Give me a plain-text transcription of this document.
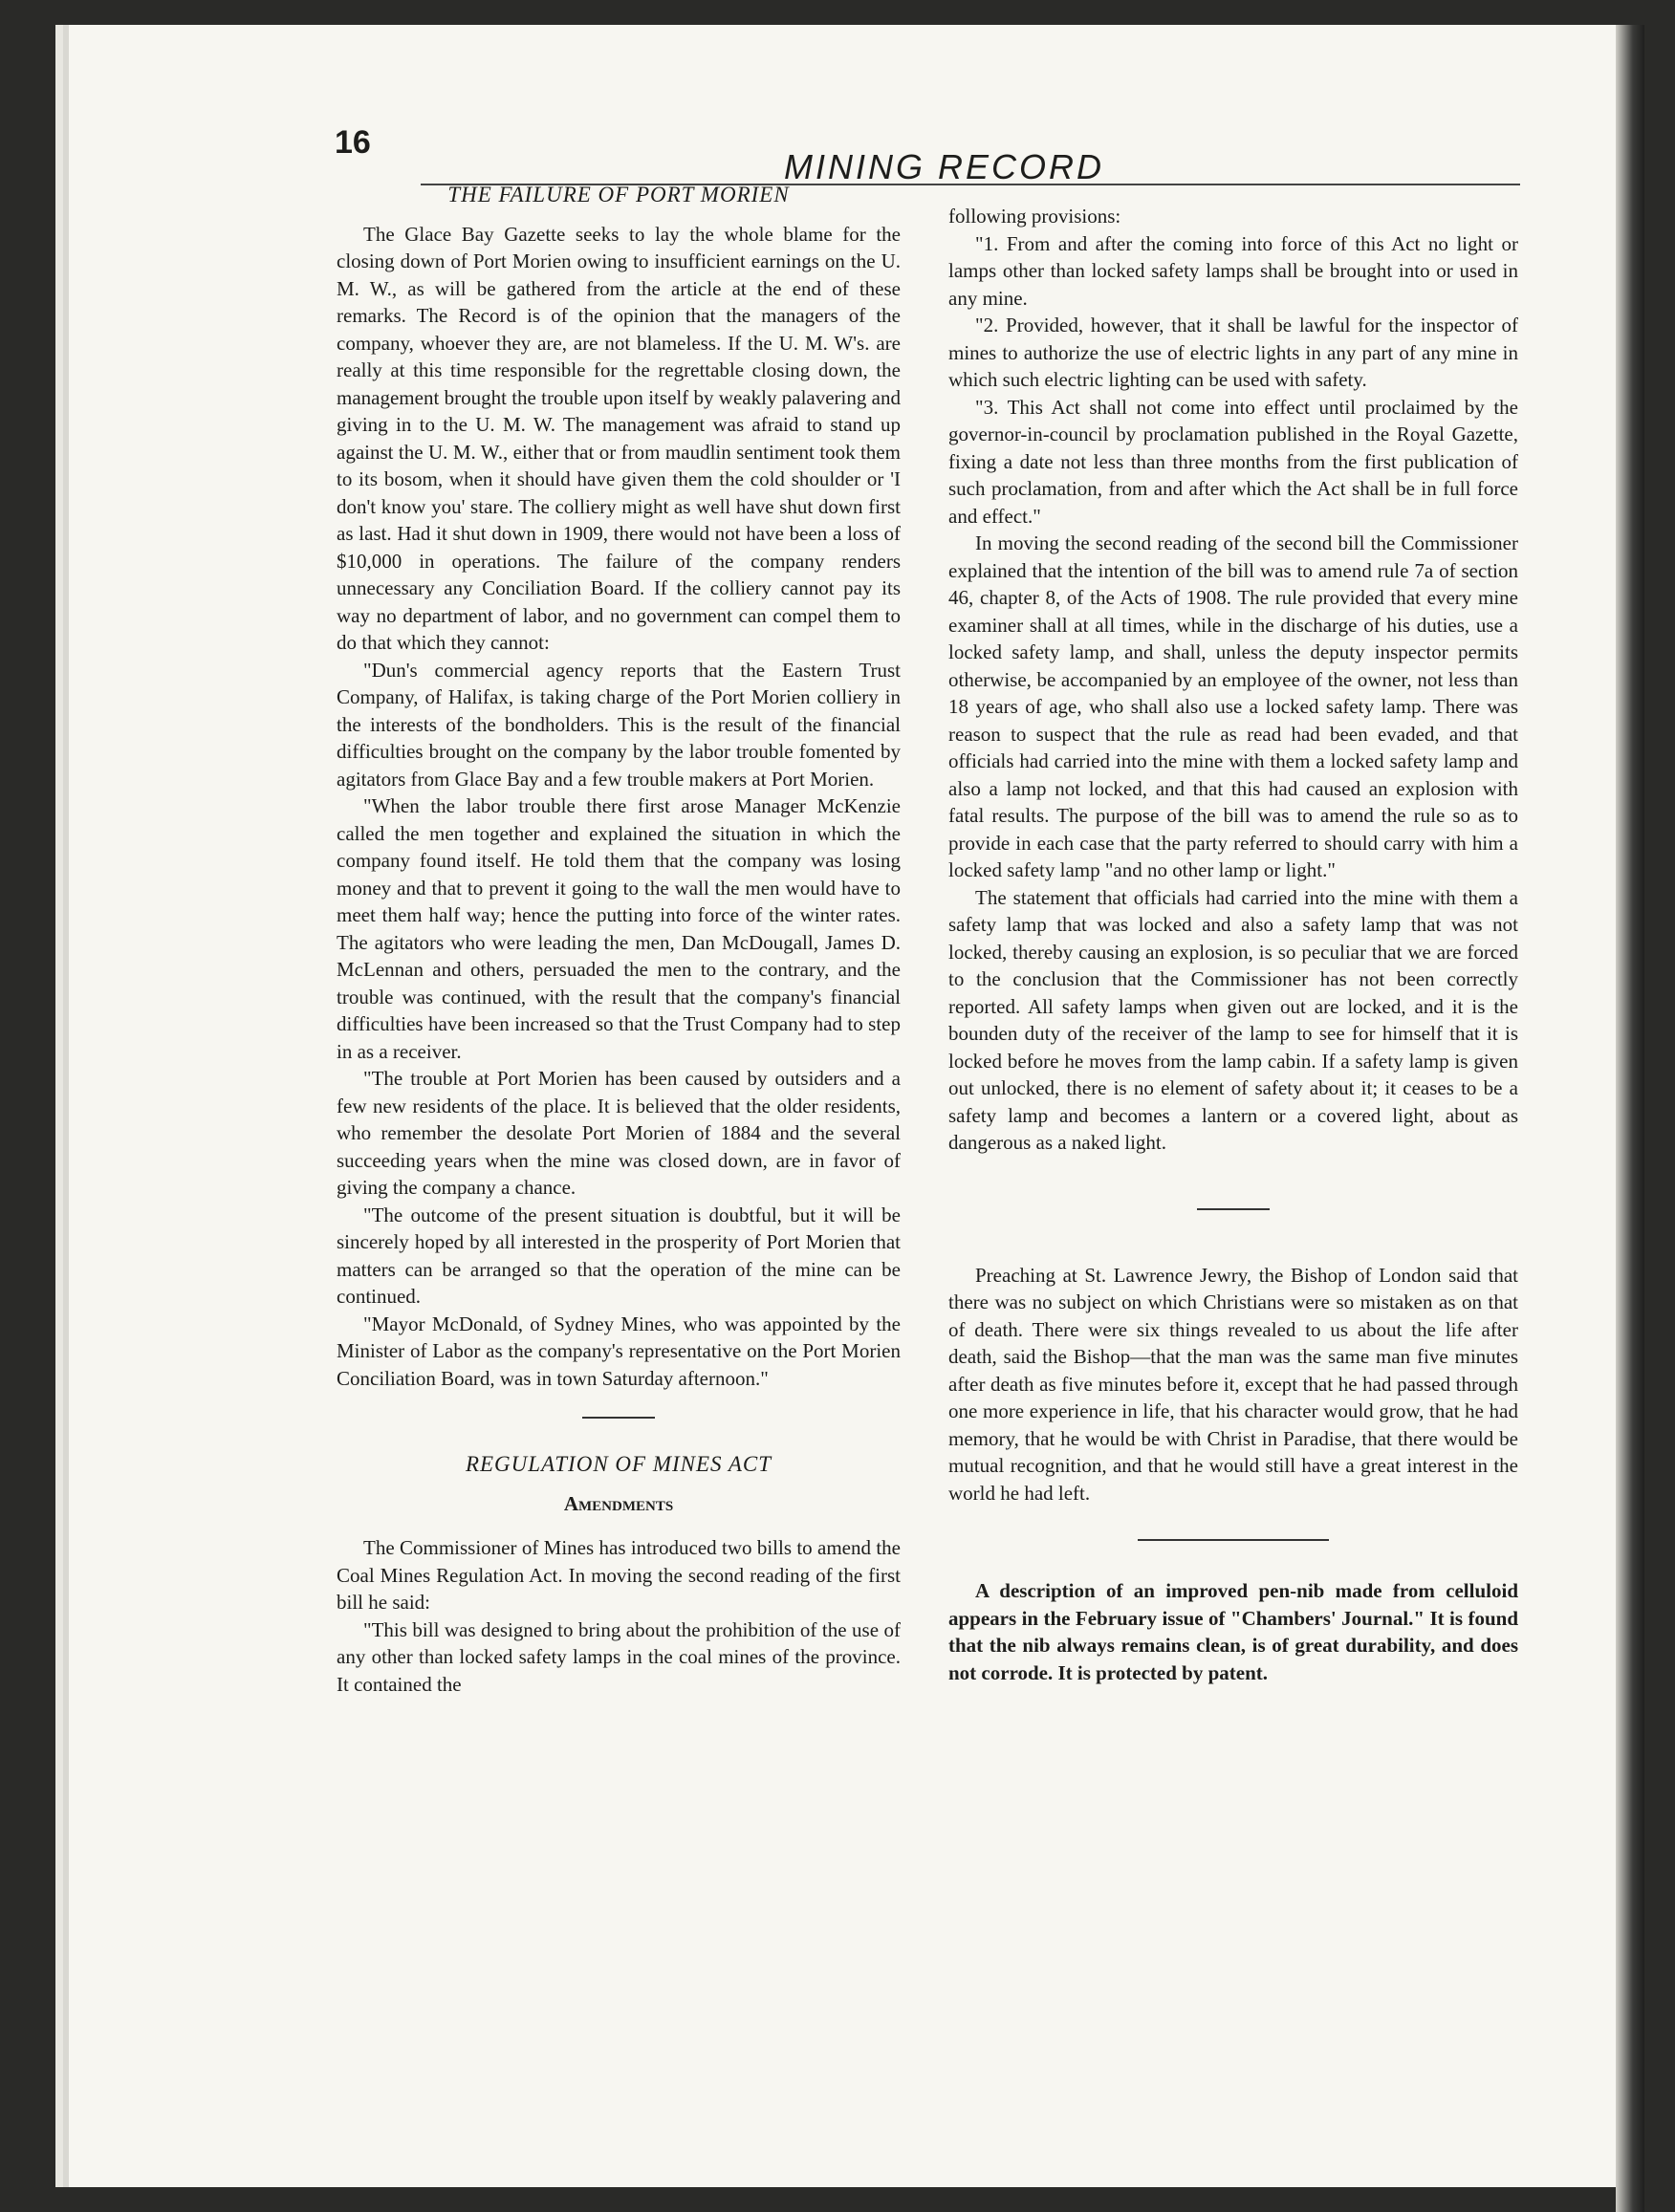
16
MINING RECORD
THE FAILURE OF PORT MORIEN

The Glace Bay Gazette seeks to lay the whole blame for the closing down of Port Morien owing to insufficient earnings on the U. M. W., as will be gathered from the article at the end of these remarks. The Record is of the opinion that the managers of the company, whoever they are, are not blameless. If the U. M. W's. are really at this time responsible for the regrettable closing down, the management brought the trouble upon itself by weakly palavering and giving in to the U. M. W. The management was afraid to stand up against the U. M. W., either that or from maudlin sentiment took them to its bosom, when it should have given them the cold shoulder or 'I don't know you' stare. The colliery might as well have shut down first as last. Had it shut down in 1909, there would not have been a loss of $10,000 in operations. The failure of the company renders unnecessary any Conciliation Board. If the colliery cannot pay its way no department of labor, and no government can compel them to do that which they cannot:

"Dun's commercial agency reports that the Eastern Trust Company, of Halifax, is taking charge of the Port Morien colliery in the interests of the bondholders. This is the result of the financial difficulties brought on the company by the labor trouble fomented by agitators from Glace Bay and a few trouble makers at Port Morien.

"When the labor trouble there first arose Manager McKenzie called the men together and explained the situation in which the company found itself. He told them that the company was losing money and that to prevent it going to the wall the men would have to meet them half way; hence the putting into force of the winter rates. The agitators who were leading the men, Dan McDougall, James D. McLennan and others, persuaded the men to the contrary, and the trouble was continued, with the result that the company's financial difficulties have been increased so that the Trust Company had to step in as a receiver.

"The trouble at Port Morien has been caused by outsiders and a few new residents of the place. It is believed that the older residents, who remember the desolate Port Morien of 1884 and the several succeeding years when the mine was closed down, are in favor of giving the company a chance.

"The outcome of the present situation is doubtful, but it will be sincerely hoped by all interested in the prosperity of Port Morien that matters can be arranged so that the operation of the mine can be continued.

"Mayor McDonald, of Sydney Mines, who was appointed by the Minister of Labor as the company's representative on the Port Morien Conciliation Board, was in town Saturday afternoon."

REGULATION OF MINES ACT
Amendments

The Commissioner of Mines has introduced two bills to amend the Coal Mines Regulation Act. In moving the second reading of the first bill he said:

"This bill was designed to bring about the prohibition of the use of any other than locked safety lamps in the coal mines of the province. It contained the

following provisions:

"1. From and after the coming into force of this Act no light or lamps other than locked safety lamps shall be brought into or used in any mine.

"2. Provided, however, that it shall be lawful for the inspector of mines to authorize the use of electric lights in any part of any mine in which such electric lighting can be used with safety.

"3. This Act shall not come into effect until proclaimed by the governor-in-council by proclamation published in the Royal Gazette, fixing a date not less than three months from the first publication of such proclamation, from and after which the Act shall be in full force and effect."

In moving the second reading of the second bill the Commissioner explained that the intention of the bill was to amend rule 7a of section 46, chapter 8, of the Acts of 1908. The rule provided that every mine examiner shall at all times, while in the discharge of his duties, use a locked safety lamp, and shall, unless the deputy inspector permits otherwise, be accompanied by an employee of the owner, not less than 18 years of age, who shall also use a locked safety lamp. There was reason to suspect that the rule as read had been evaded, and that officials had carried into the mine with them a locked safety lamp and also a lamp not locked, and that this had caused an explosion with fatal results. The purpose of the bill was to amend the rule so as to provide in each case that the party referred to should carry with him a locked safety lamp "and no other lamp or light."

The statement that officials had carried into the mine with them a safety lamp that was locked and also a safety lamp that was not locked, thereby causing an explosion, is so peculiar that we are forced to the conclusion that the Commissioner has not been correctly reported. All safety lamps when given out are locked, and it is the bounden duty of the receiver of the lamp to see for himself that it is locked before he moves from the lamp cabin. If a safety lamp is given out unlocked, there is no element of safety about it; it ceases to be a safety lamp and becomes a lantern or a covered light, about as dangerous as a naked light.

Preaching at St. Lawrence Jewry, the Bishop of London said that there was no subject on which Christians were so mistaken as on that of death. There were six things revealed to us about the life after death, said the Bishop—that the man was the same man five minutes after death as five minutes before it, except that he had passed through one more experience in life, that his character would grow, that he had memory, that he would be with Christ in Paradise, that there would be mutual recognition, and that he would still have a great interest in the world he had left.

A description of an improved pen-nib made from celluloid appears in the February issue of "Chambers' Journal." It is found that the nib always remains clean, is of great durability, and does not corrode. It is protected by patent.
